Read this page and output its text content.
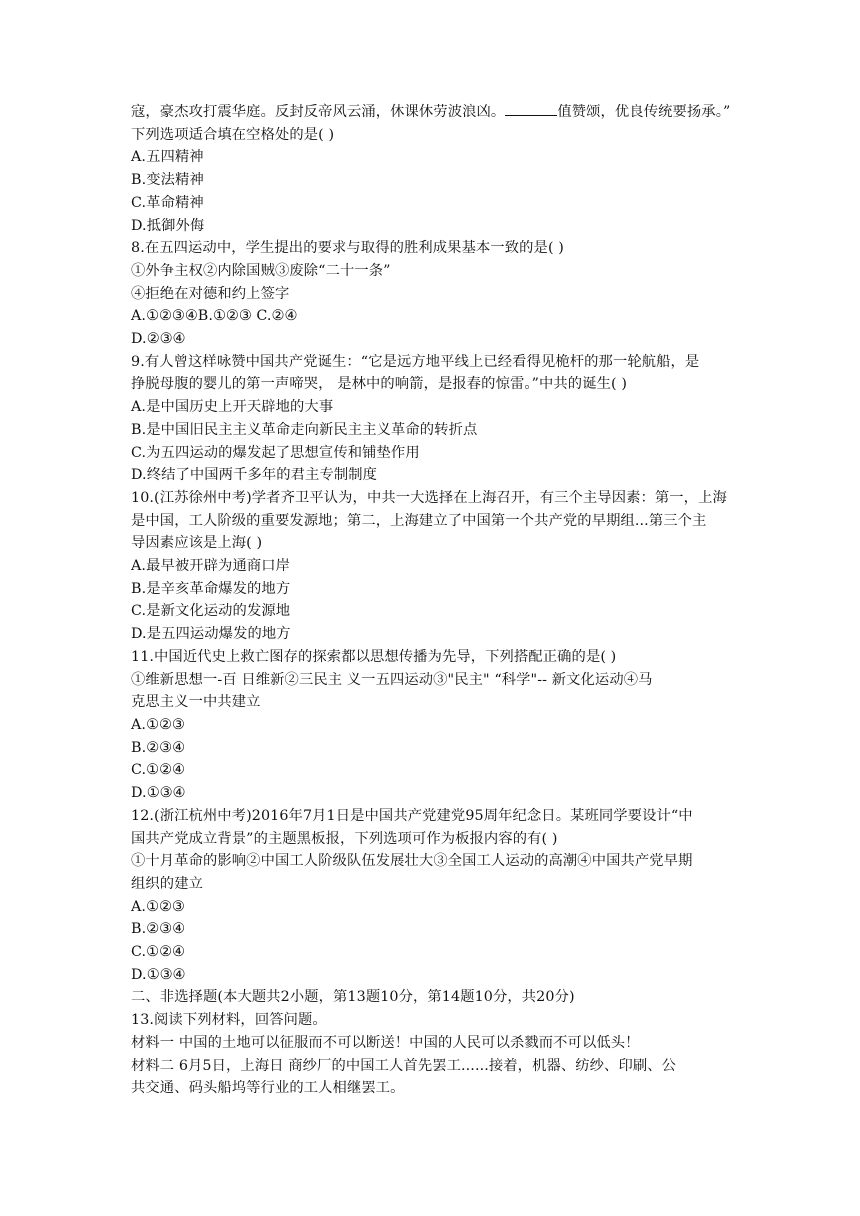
寇，豪杰攻打震华庭。反封反帝风云涌，休课休劳波浪凶。	值赞颂，优良传统要扬承。”

下列选项适合填在空格处的是( )

A.五四精神

B.变法精神

C.革命精神

D.抵御外侮

8.在五四运动中，学生提出的要求与取得的胜利成果基本一致的是( )

①外争主权②内除国贼③废除“二十一条”

④拒绝在对德和约上签字

A.①②③④B.①②③ C.②④

D.②③④

9.有人曾这样咏赞中国共产党诞生：“它是远方地平线上已经看得见桅杆的那一轮航船，是

挣脱母腹的婴儿的第一声啼哭， 是林中的响箭，是报春的惊雷。”中共的诞生( )

A.是中国历史上开天辟地的大事

B.是中国旧民主主义革命走向新民主主义革命的转折点

C.为五四运动的爆发起了思想宣传和铺垫作用

D.终结了中国两千多年的君主专制制度

10.(江苏徐州中考)学者齐卫平认为，中共一大选择在上海召开，有三个主导因素：第一，上海

是中国，工人阶级的重要发源地；第二，上海建立了中国第一个共产党的早期组...第三个主

导因素应该是上海( )

A.最早被开辟为通商口岸

B.是辛亥革命爆发的地方

C.是新文化运动的发源地

D.是五四运动爆发的地方

11.中国近代史上救亡图存的探索都以思想传播为先导，下列搭配正确的是( )

①维新思想一-百 日维新②三民主 义一五四运动③"民主" “科学"-- 新文化运动④马

克思主义一中共建立

A.①②③

B.②③④

C.①②④

D.①③④

12.(浙江杭州中考)2016年7月1日是中国共产党建党95周年纪念日。某班同学要设计“中

国共产党成立背景”的主题黑板报，下列选项可作为板报内容的有( )

①十月革命的影响②中国工人阶级队伍发展壮大③全国工人运动的高潮④中国共产党早期

组织的建立

A.①②③

B.②③④

C.①②④

D.①③④

二、非选择题(本大题共2小题，第13题10分，第14题10分，共20分)

13.阅读下列材料，回答问题。

材料一 中国的土地可以征服而不可以断送！中国的人民可以杀戮而不可以低头！

材料二 6月5日，上海日 商纱厂的中国工人首先罢工......接着，机器、纺纱、印刷、公

共交通、码头船坞等行业的工人相继罢工。
